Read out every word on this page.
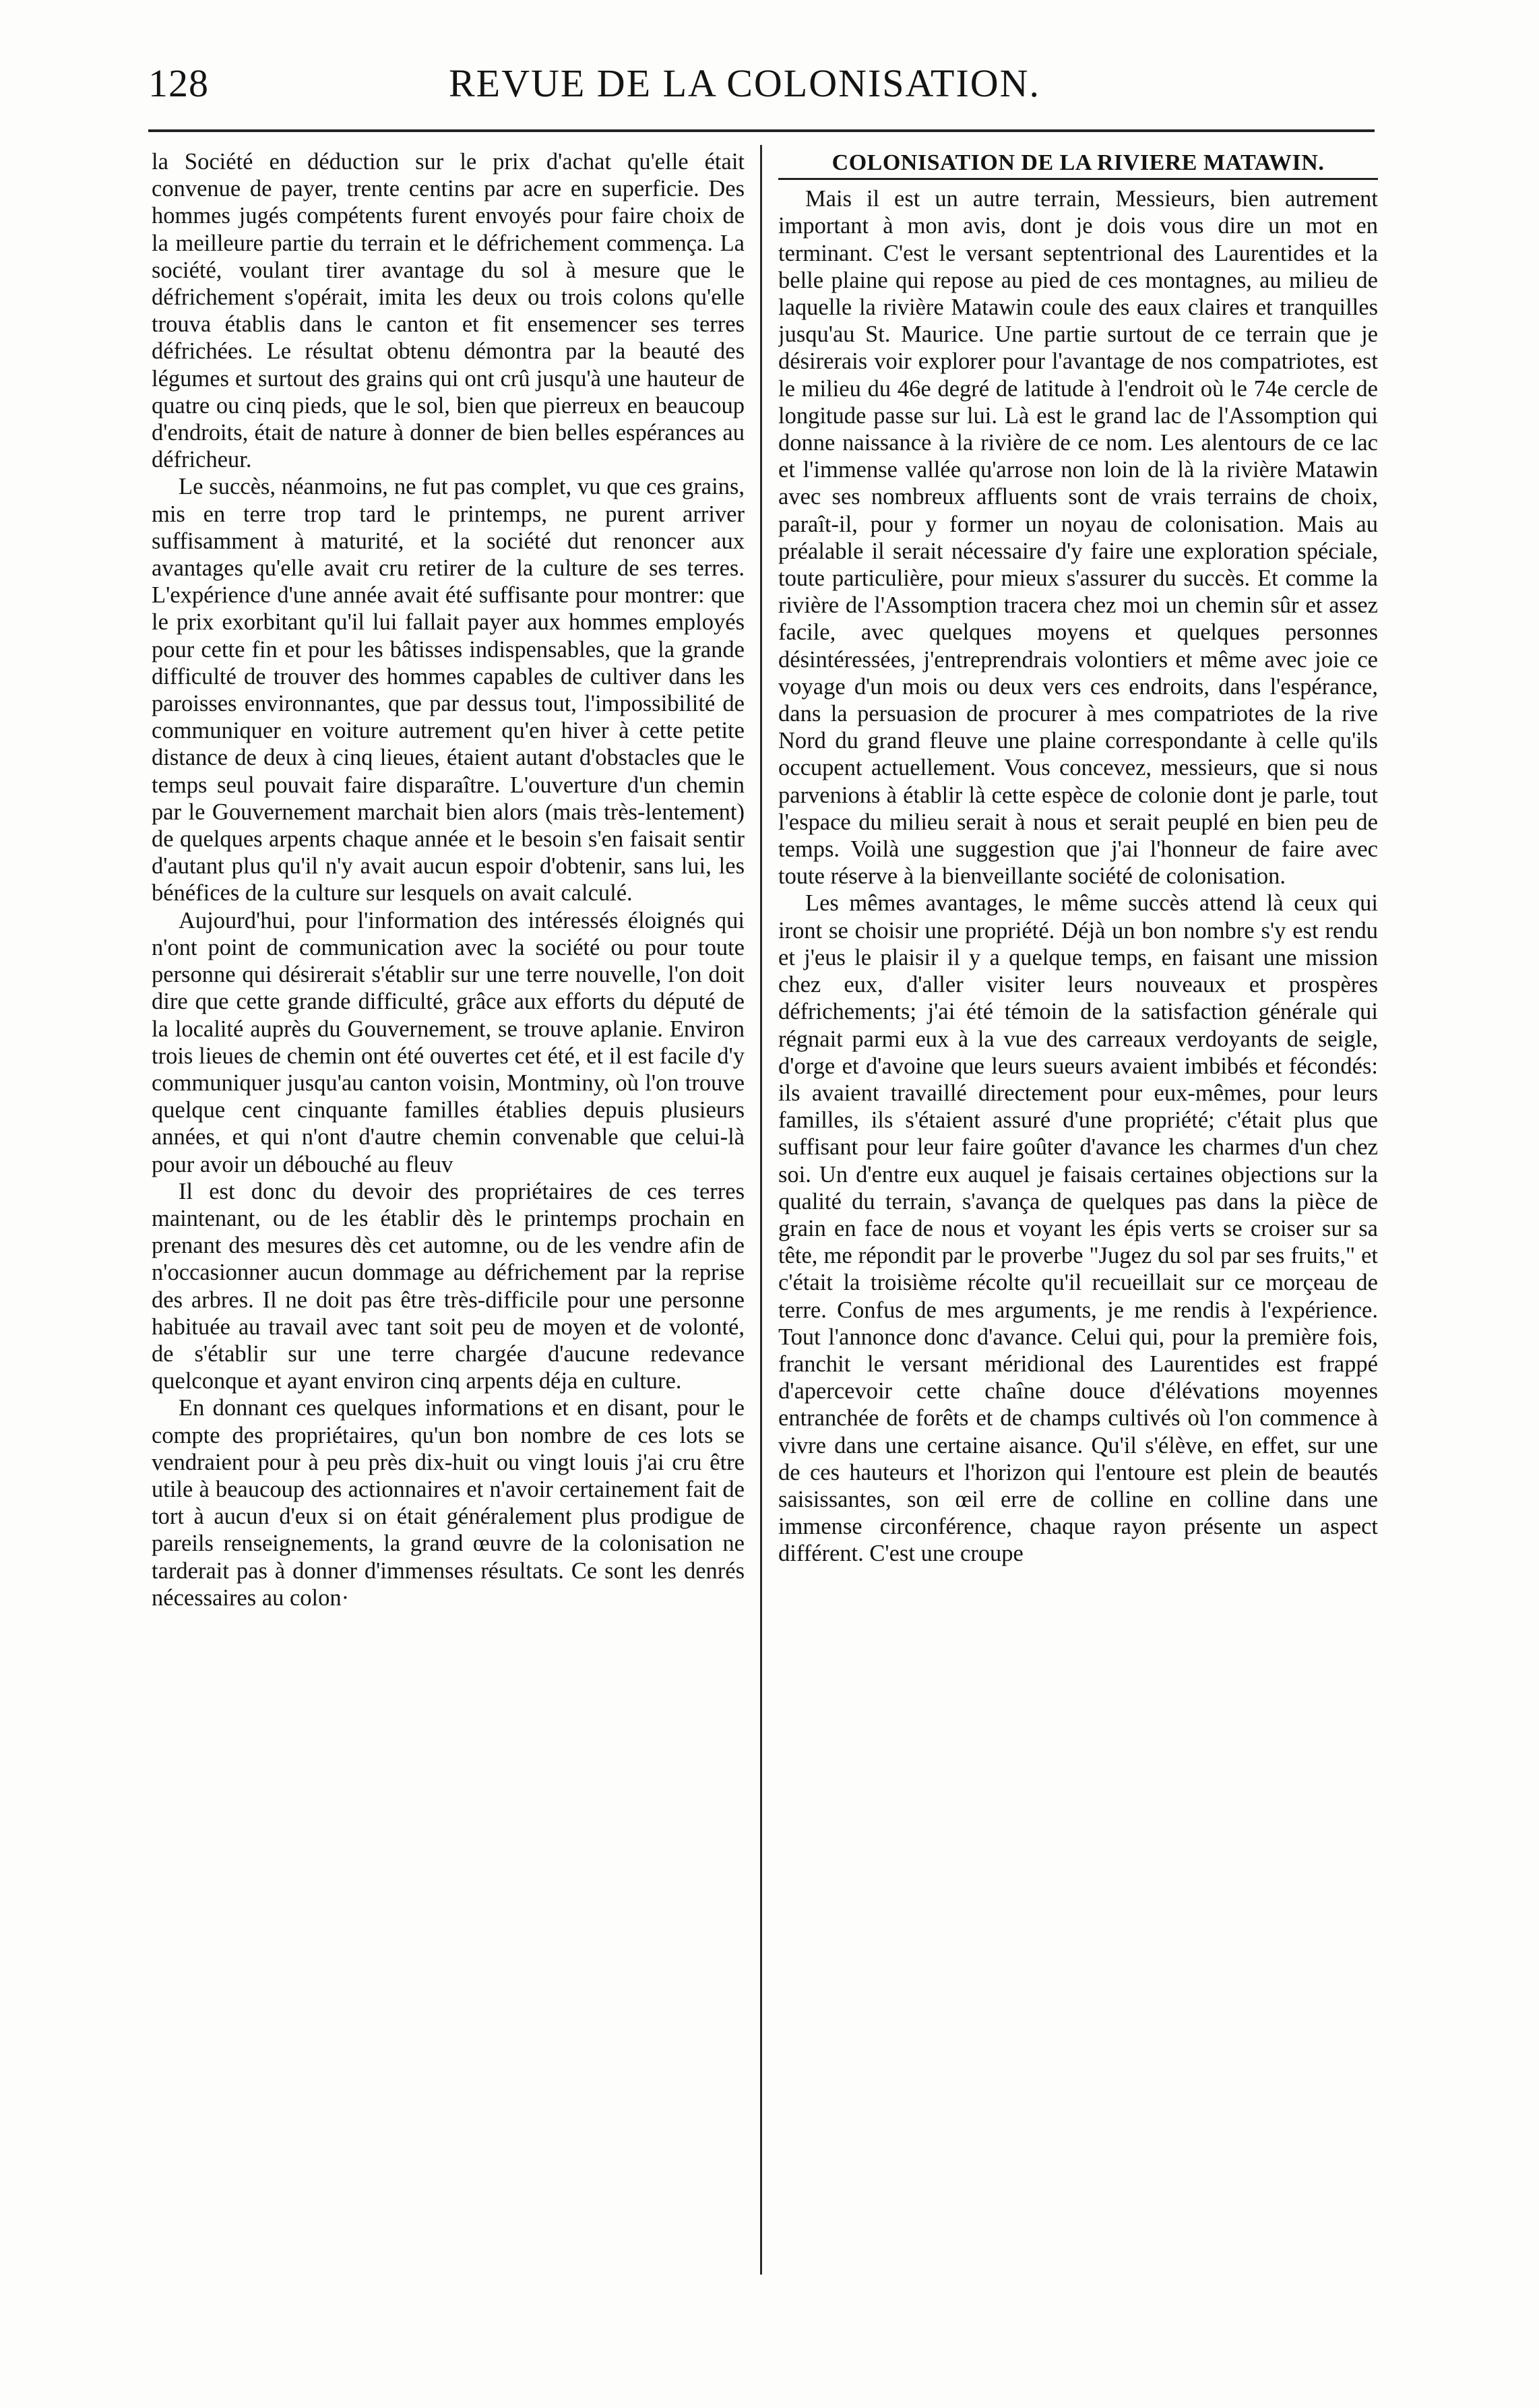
128	REVUE DE LA COLONISATION.

la Société en déduction sur le prix d'achat qu'elle était convenue de payer, trente centins par acre en superficie. Des hommes jugés compétents furent envoyés pour faire choix de la meilleure partie du terrain et le défrichement commença. La société, voulant tirer avantage du sol à mesure que le défrichement s'opérait, imita les deux ou trois colons qu'elle trouva établis dans le canton et fit ensemencer ses terres défrichées. Le résultat obtenu démontra par la beauté des légumes et surtout des grains qui ont crû jusqu'à une hauteur de quatre ou cinq pieds, que le sol, bien que pierreux en beaucoup d'endroits, était de nature à donner de bien belles espérances au défricheur.

Le succès, néanmoins, ne fut pas complet, vu que ces grains, mis en terre trop tard le printemps, ne purent arriver suffisamment à maturité, et la société dut renoncer aux avantages qu'elle avait cru retirer de la culture de ses terres. L'expérience d'une année avait été suffisante pour montrer: que le prix exorbitant qu'il lui fallait payer aux hommes employés pour cette fin et pour les bâtisses indispensables, que la grande difficulté de trouver des hommes capables de cultiver dans les paroisses environnantes, que par dessus tout, l'impossibilité de communiquer en voiture autrement qu'en hiver à cette petite distance de deux à cinq lieues, étaient autant d'obstacles que le temps seul pouvait faire disparaître. L'ouverture d'un chemin par le Gouvernement marchait bien alors (mais très-lentement) de quelques arpents chaque année et le besoin s'en faisait sentir d'autant plus qu'il n'y avait aucun espoir d'obtenir, sans lui, les bénéfices de la culture sur lesquels on avait calculé.

Aujourd'hui, pour l'information des intéressés éloignés qui n'ont point de communication avec la société ou pour toute personne qui désirerait s'établir sur une terre nouvelle, l'on doit dire que cette grande difficulté, grâce aux efforts du député de la localité auprès du Gouvernement, se trouve aplanie. Environ trois lieues de chemin ont été ouvertes cet été, et il est facile d'y communiquer jusqu'au canton voisin, Montminy, où l'on trouve quelque cent cinquante familles établies depuis plusieurs années, et qui n'ont d'autre chemin convenable que celui-là pour avoir un débouché au fleuv

Il est donc du devoir des propriétaires de ces terres maintenant, ou de les établir dès le printemps prochain en prenant des mesures dès cet automne, ou de les vendre afin de n'occasionner aucun dommage au défrichement par la reprise des arbres. Il ne doit pas être très-difficile pour une personne habituée au travail avec tant soit peu de moyen et de volonté, de s'établir sur une terre chargée d'aucune redevance quelconque et ayant environ cinq arpents déja en culture.

En donnant ces quelques informations et en disant, pour le compte des propriétaires, qu'un bon nombre de ces lots se vendraient pour à peu près dix-huit ou vingt louis j'ai cru être utile à beaucoup des actionnaires et n'avoir certainement fait de tort à aucun d'eux si on était généralement plus prodigue de pareils renseignements, la grand œuvre de la colonisation ne tarderait pas à donner d'immenses résultats. Ce sont les denrés nécessaires au colon·

COLONISATION DE LA RIVIERE MATAWIN.

Mais il est un autre terrain, Messieurs, bien autrement important à mon avis, dont je dois vous dire un mot en terminant. C'est le versant septentrional des Laurentides et la belle plaine qui repose au pied de ces montagnes, au milieu de laquelle la rivière Matawin coule des eaux claires et tranquilles jusqu'au St. Maurice. Une partie surtout de ce terrain que je désirerais voir explorer pour l'avantage de nos compatriotes, est le milieu du 46e degré de latitude à l'endroit où le 74e cercle de longitude passe sur lui. Là est le grand lac de l'Assomption qui donne naissance à la rivière de ce nom. Les alentours de ce lac et l'immense vallée qu'arrose non loin de là la rivière Matawin avec ses nombreux affluents sont de vrais terrains de choix, paraît-il, pour y former un noyau de colonisation. Mais au préalable il serait nécessaire d'y faire une exploration spéciale, toute particulière, pour mieux s'assurer du succès. Et comme la rivière de l'Assomption tracera chez moi un chemin sûr et assez facile, avec quelques moyens et quelques personnes désintéressées, j'entreprendrais volontiers et même avec joie ce voyage d'un mois ou deux vers ces endroits, dans l'espérance, dans la persuasion de procurer à mes compatriotes de la rive Nord du grand fleuve une plaine correspondante à celle qu'ils occupent actuellement. Vous concevez, messieurs, que si nous parvenions à établir là cette espèce de colonie dont je parle, tout l'espace du milieu serait à nous et serait peuplé en bien peu de temps. Voilà une suggestion que j'ai l'honneur de faire avec toute réserve à la bienveillante société de colonisation.

Les mêmes avantages, le même succès attend là ceux qui iront se choisir une propriété. Déjà un bon nombre s'y est rendu et j'eus le plaisir il y a quelque temps, en faisant une mission chez eux, d'aller visiter leurs nouveaux et prospères défrichements; j'ai été témoin de la satisfaction générale qui régnait parmi eux à la vue des carreaux verdoyants de seigle, d'orge et d'avoine que leurs sueurs avaient imbibés et fécondés: ils avaient travaillé directement pour eux-mêmes, pour leurs familles, ils s'étaient assuré d'une propriété; c'était plus que suffisant pour leur faire goûter d'avance les charmes d'un chez soi. Un d'entre eux auquel je faisais certaines objections sur la qualité du terrain, s'avança de quelques pas dans la pièce de grain en face de nous et voyant les épis verts se croiser sur sa tête, me répondit par le proverbe "Jugez du sol par ses fruits," et c'était la troisième récolte qu'il recueillait sur ce morçeau de terre. Confus de mes arguments, je me rendis à l'expérience. Tout l'annonce donc d'avance. Celui qui, pour la première fois, franchit le versant méridional des Laurentides est frappé d'apercevoir cette chaîne douce d'élévations moyennes entranchée de forêts et de champs cultivés où l'on commence à vivre dans une certaine aisance. Qu'il s'élève, en effet, sur une de ces hauteurs et l'horizon qui l'entoure est plein de beautés saisissantes, son œil erre de colline en colline dans une immense circonférence, chaque rayon présente un aspect différent. C'est une croupe
